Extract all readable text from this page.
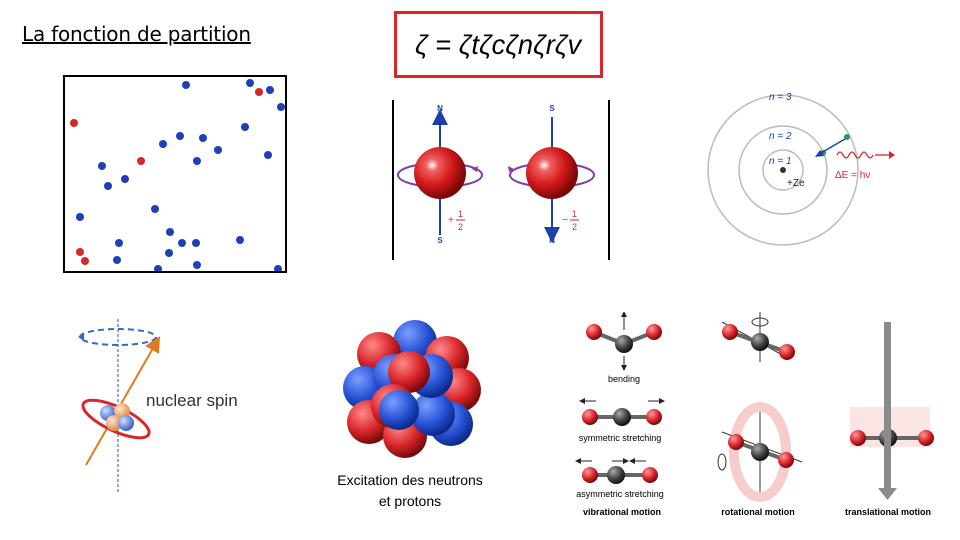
La fonction de partition	ζ = ζtζcζnζrζv
N
S
+
1
2
S
N
−
1
2
n = 3
n = 2
n = 1
+Ze
ΔE = hν
nuclear spin
Excitation des neutrons
et protons
bending
symmetric stretching
asymmetric stretching
vibrational motion	rotational motion	translational motion
